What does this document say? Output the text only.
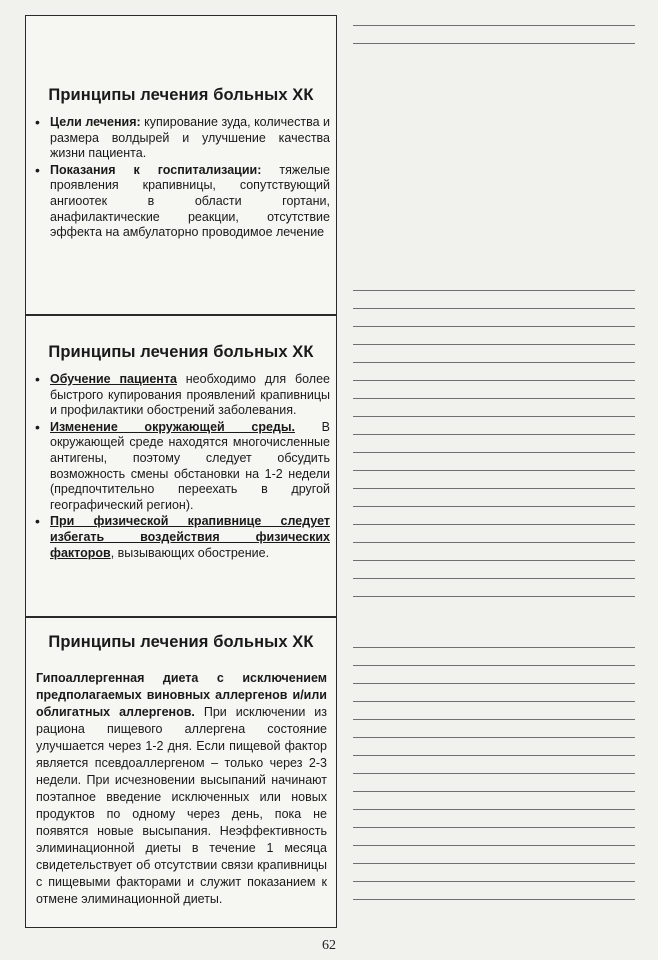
Принципы лечения больных ХК
• Цели лечения: купирование зуда, количества и размера волдырей и улучшение качества жизни пациента.
• Показания к госпитализации: тяжелые проявления крапивницы, сопутствующий ангиоотек в области гортани, анафилактические реакции, отсутствие эффекта на амбулаторно проводимое лечение
Принципы лечения больных ХК
• Обучение пациента необходимо для более быстрого купирования проявлений крапивницы и профилактики обострений заболевания.
• Изменение окружающей среды. В окружающей среде находятся многочисленные антигены, поэтому следует обсудить возможность смены обстановки на 1-2 недели (предпочтительно переехать в другой географический регион).
• При физической крапивнице следует избегать воздействия физических факторов, вызывающих обострение.
Принципы лечения больных ХК

Гипоаллергенная диета с исключением предполагаемых виновных аллергенов и/или облигатных аллергенов. При исключении из рациона пищевого аллергена состояние улучшается через 1-2 дня. Если пищевой фактор является псевдоаллергеном – только через 2-3 недели. При исчезновении высыпаний начинают поэтапное введение исключенных или новых продуктов по одному через день, пока не появятся новые высыпания. Неэффективность элиминационной диеты в течение 1 месяца свидетельствует об отсутствии связи крапивницы с пищевыми факторами и служит показанием к отмене элиминационной диеты.

62
